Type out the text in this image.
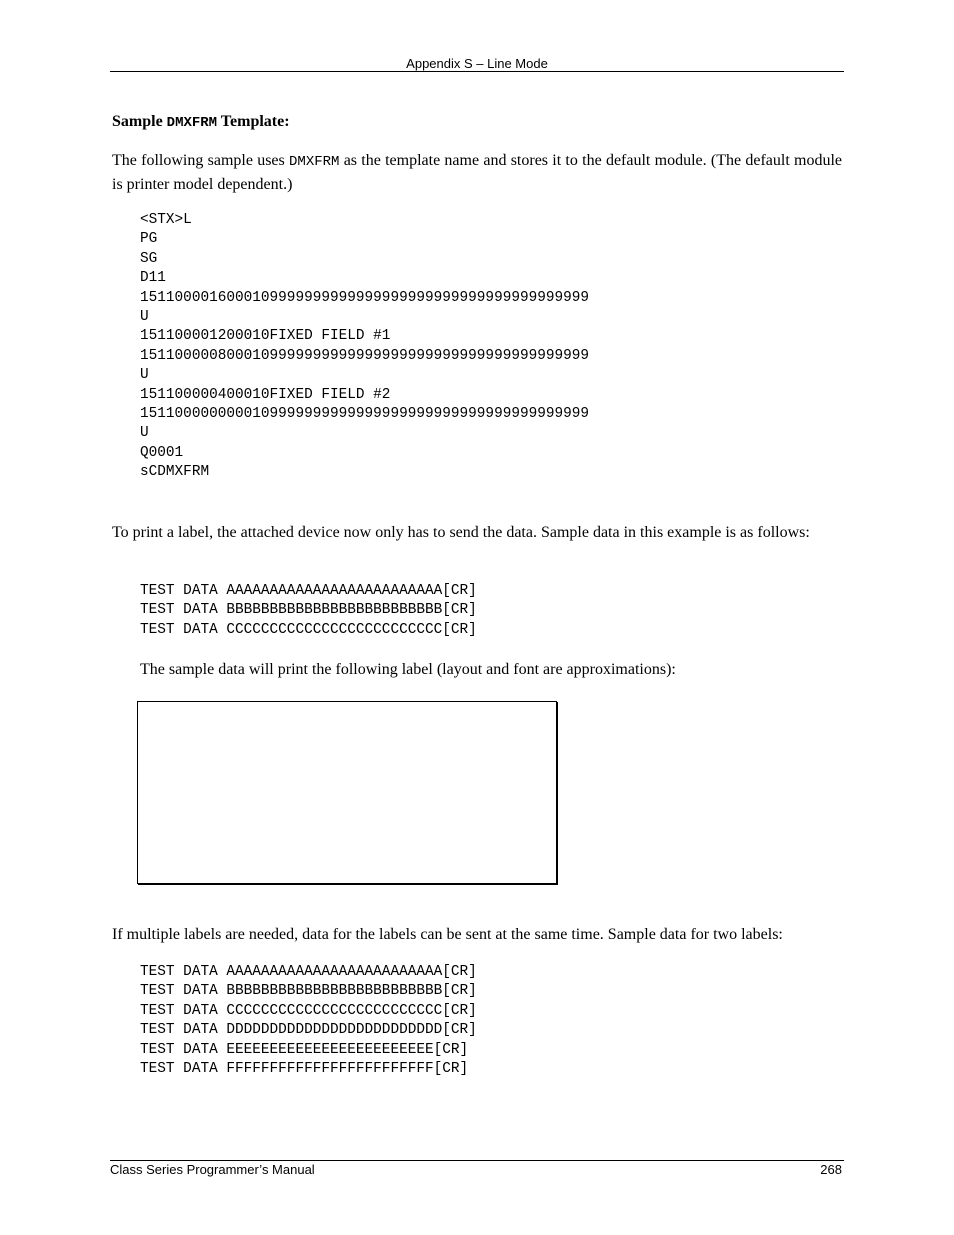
Appendix S – Line Mode
Sample DMXFRM Template:
The following sample uses DMXFRM as the template name and stores it to the default module. (The default module is printer model dependent.)
<STX>L
PG
SG
D11
1511000016000109999999999999999999999999999999999999
U
151100001200010FIXED FIELD #1
1511000008000109999999999999999999999999999999999999
U
151100000400010FIXED FIELD #2
1511000000000109999999999999999999999999999999999999
U
Q0001
sCDMXFRM
To print a label, the attached device now only has to send the data. Sample data in this example is as follows:
TEST DATA AAAAAAAAAAAAAAAAAAAAAAAAA[CR]
TEST DATA BBBBBBBBBBBBBBBBBBBBBBBBB[CR]
TEST DATA CCCCCCCCCCCCCCCCCCCCCCCCC[CR]
The sample data will print the following label (layout and font are approximations):
If multiple labels are needed, data for the labels can be sent at the same time. Sample data for two labels:
TEST DATA AAAAAAAAAAAAAAAAAAAAAAAAA[CR]
TEST DATA BBBBBBBBBBBBBBBBBBBBBBBBB[CR]
TEST DATA CCCCCCCCCCCCCCCCCCCCCCCCC[CR]
TEST DATA DDDDDDDDDDDDDDDDDDDDDDDDD[CR]
TEST DATA EEEEEEEEEEEEEEEEEEEEEEEE[CR]
TEST DATA FFFFFFFFFFFFFFFFFFFFFFFF[CR]
Class Series Programmer’s Manual	268
